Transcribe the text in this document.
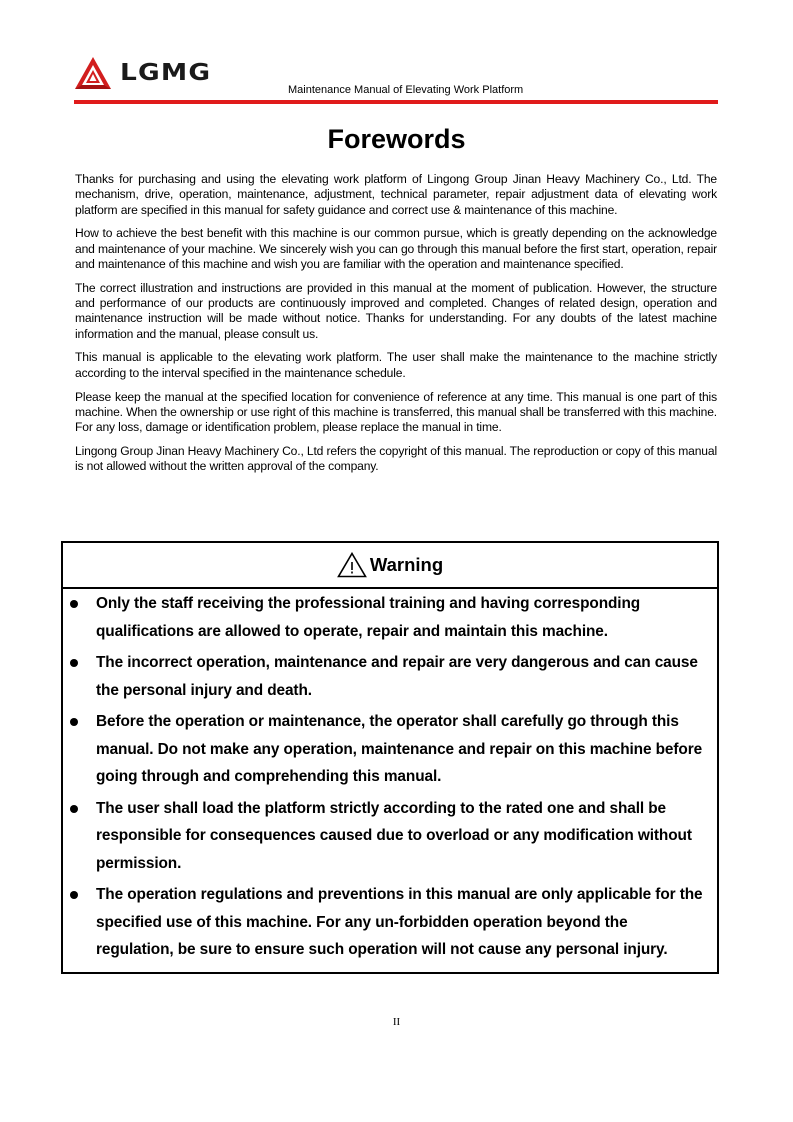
LGMG
Maintenance Manual of Elevating Work Platform
Forewords

Thanks for purchasing and using the elevating work platform of Lingong Group Jinan Heavy Machinery Co., Ltd. The mechanism, drive, operation, maintenance, adjustment, technical parameter, repair adjustment data of elevating work platform are specified in this manual for safety guidance and correct use & maintenance of this machine.

How to achieve the best benefit with this machine is our common pursue, which is greatly depending on the acknowledge and maintenance of your machine. We sincerely wish you can go through this manual before the first start, operation, repair and maintenance of this machine and wish you are familiar with the operation and maintenance specified.

The correct illustration and instructions are provided in this manual at the moment of publication. However, the structure and performance of our products are continuously improved and completed. Changes of related design, operation and maintenance instruction will be made without notice. Thanks for understanding. For any doubts of the latest machine information and the manual, please consult us.

This manual is applicable to the elevating work platform. The user shall make the maintenance to the machine strictly according to the interval specified in the maintenance schedule.

Please keep the manual at the specified location for convenience of reference at any time. This manual is one part of this machine. When the ownership or use right of this machine is transferred, this manual shall be transferred with this machine. For any loss, damage or identification problem, please replace the manual in time.

Lingong Group Jinan Heavy Machinery Co., Ltd refers the copyright of this manual. The reproduction or copy of this manual is not allowed without the written approval of the company.

Warning
Only the staff receiving the professional training and having corresponding qualifications are allowed to operate, repair and maintain this machine.
The incorrect operation, maintenance and repair are very dangerous and can cause the personal injury and death.
Before the operation or maintenance, the operator shall carefully go through this manual. Do not make any operation, maintenance and repair on this machine before going through and comprehending this manual.
The user shall load the platform strictly according to the rated one and shall be responsible for consequences caused due to overload or any modification without permission.
The operation regulations and preventions in this manual are only applicable for the specified use of this machine. For any un-forbidden operation beyond the regulation, be sure to ensure such operation will not cause any personal injury.
II
